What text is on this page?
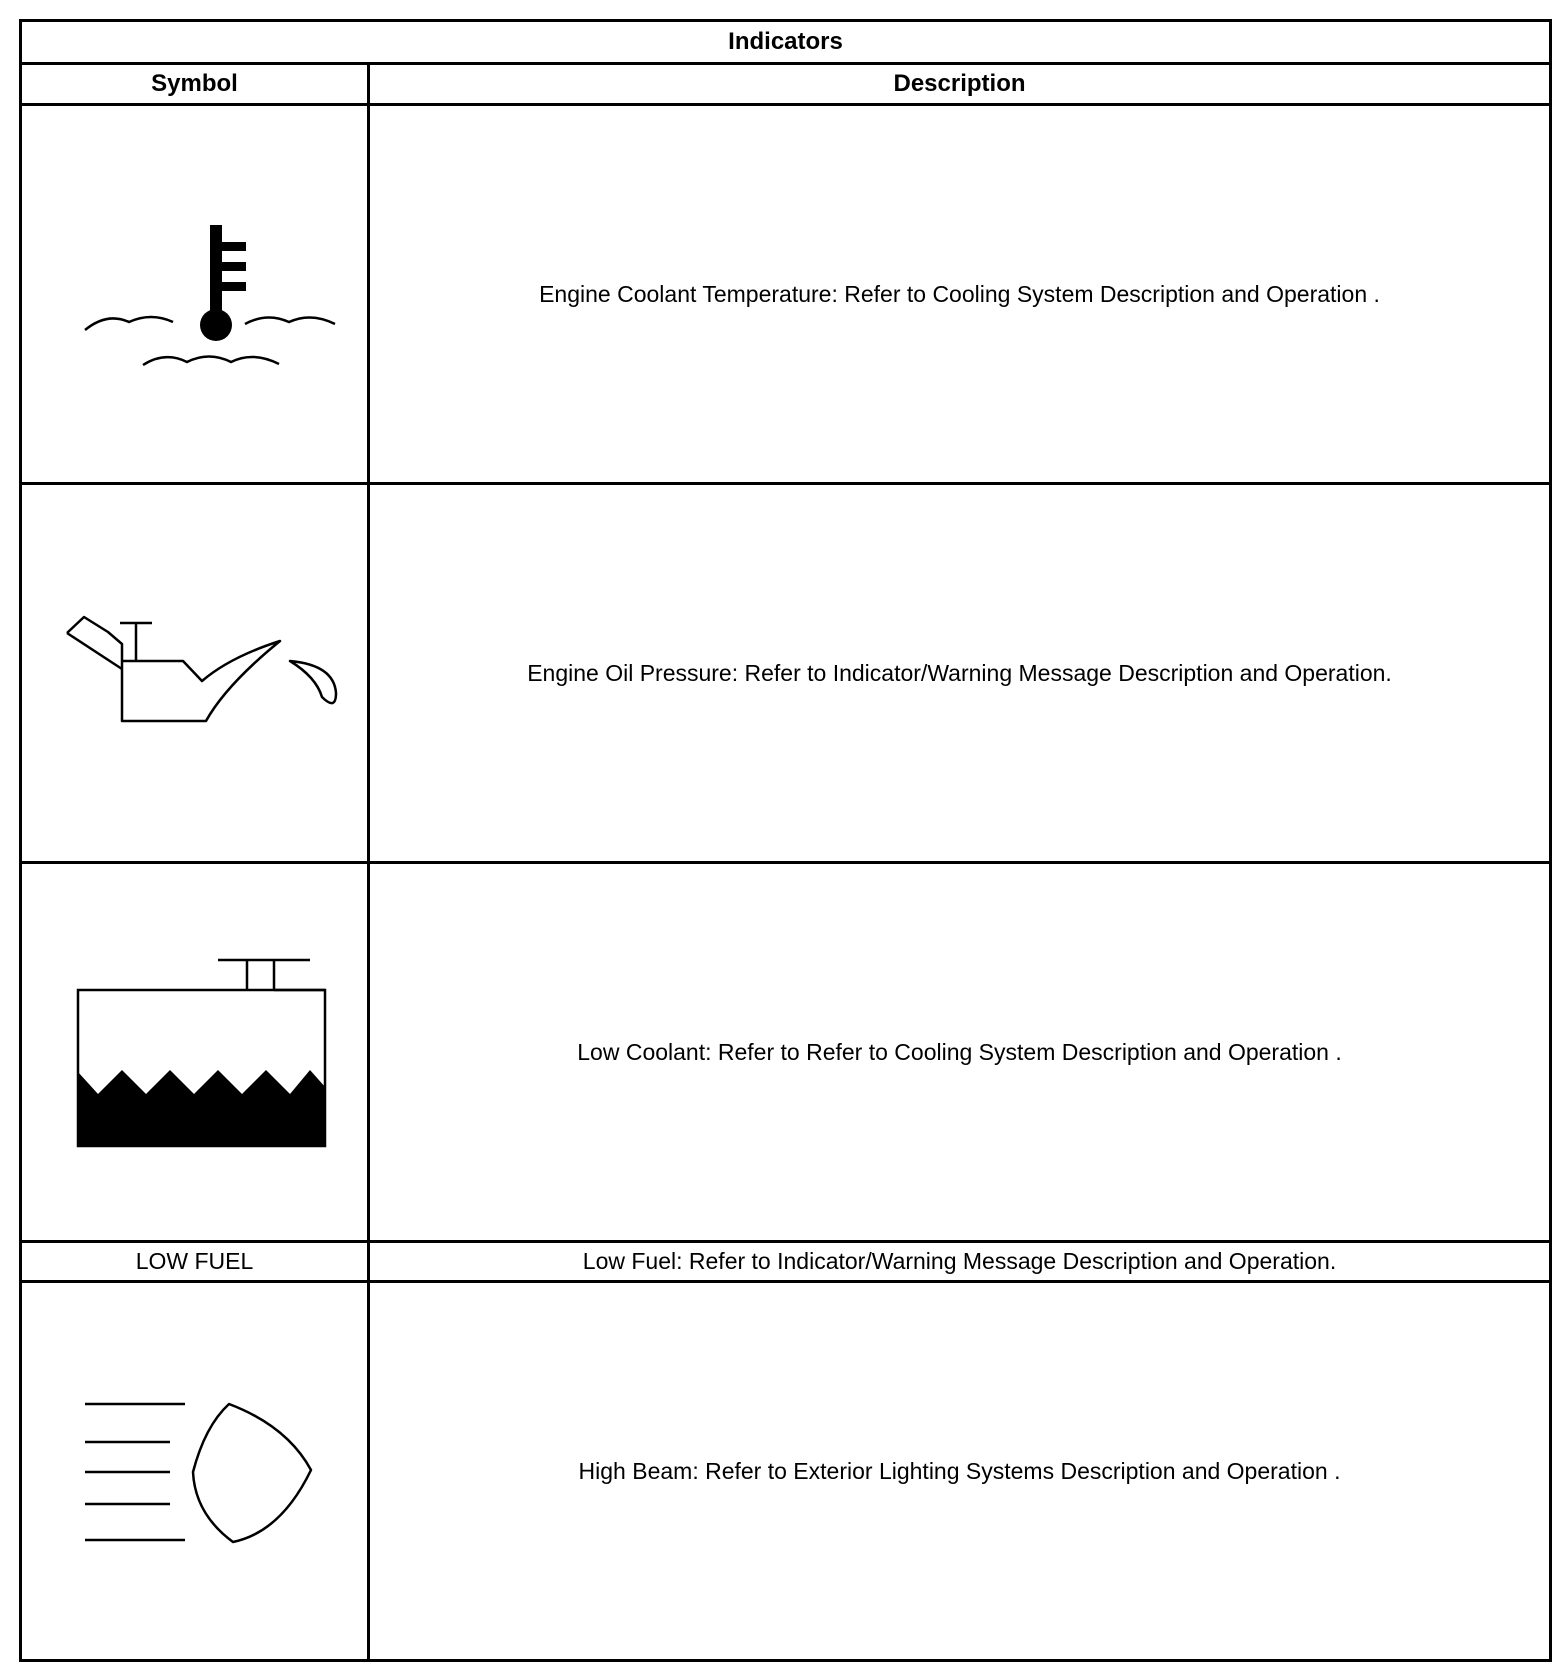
Indicators	
Symbol	Description

	Engine Coolant Temperature: Refer to Cooling System Description and Operation .

	Engine Oil Pressure: Refer to Indicator/Warning Message Description and Operation.

	Low Coolant: Refer to Refer to Cooling System Description and Operation .
LOW FUEL	Low Fuel: Refer to Indicator/Warning Message Description and Operation.

	High Beam: Refer to Exterior Lighting Systems Description and Operation .
